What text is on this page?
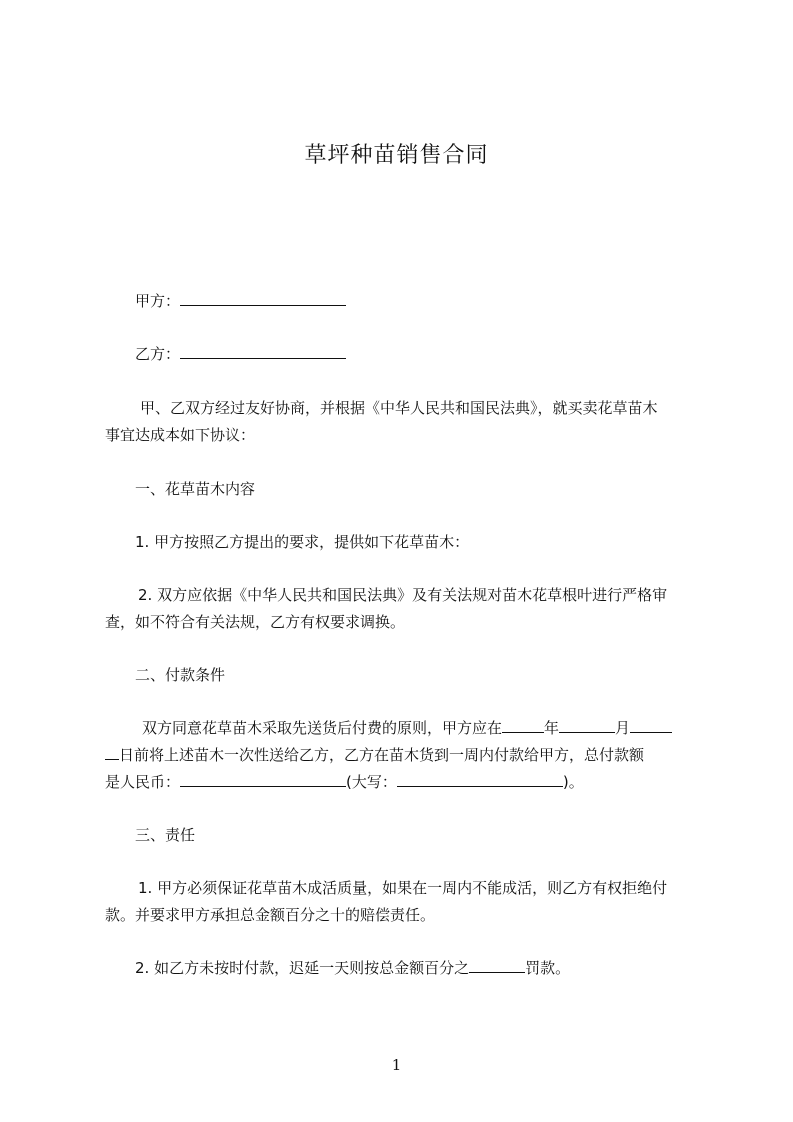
草坪种苗销售合同
甲方：
乙方：
甲、乙双方经过友好协商，并根据《中华人民共和国民法典》，就买卖花草苗木
事宜达成本如下协议：
一、花草苗木内容
1. 甲方按照乙方提出的要求，提供如下花草苗木：
2. 双方应依据《中华人民共和国民法典》及有关法规对苗木花草根叶进行严格审
查，如不符合有关法规，乙方有权要求调换。
二、付款条件
双方同意花草苗木采取先送货后付费的原则，甲方应在	年	月
日前将上述苗木一次性送给乙方，乙方在苗木货到一周内付款给甲方，总付款额
是人民币：	(大写：	)。
三、责任
1. 甲方必须保证花草苗木成活质量，如果在一周内不能成活，则乙方有权拒绝付
款。并要求甲方承担总金额百分之十的赔偿责任。
2. 如乙方未按时付款，迟延一天则按总金额百分之	罚款。
1
